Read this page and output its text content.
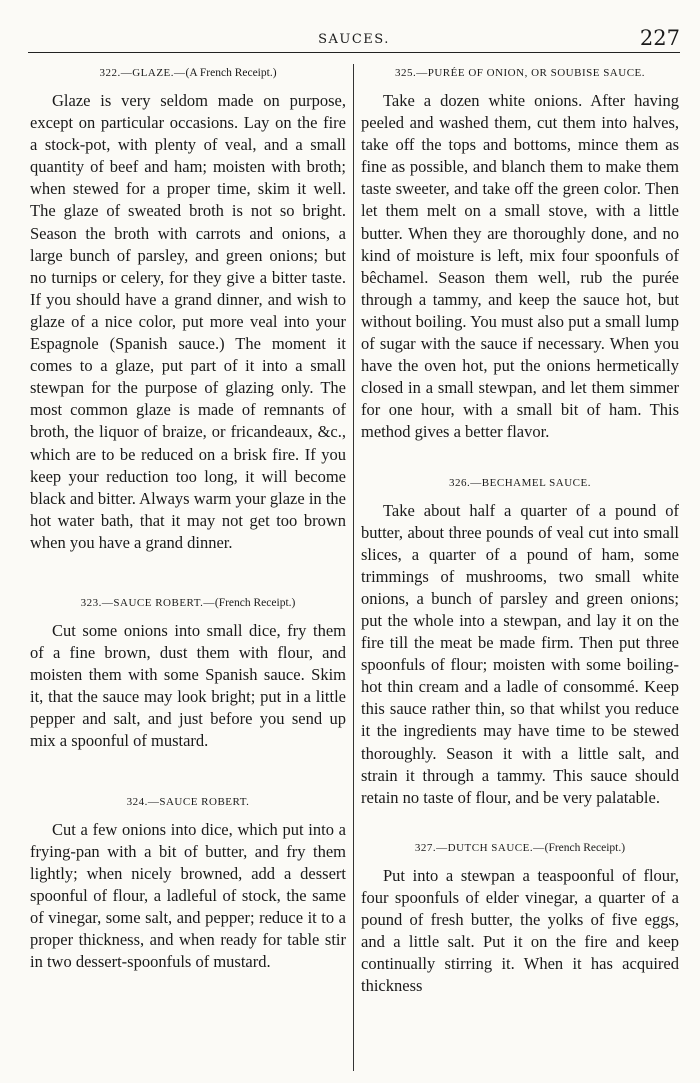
SAUCES.	227
322.—GLAZE.—(A French Receipt.)

Glaze is very seldom made on purpose, except on particular occasions. Lay on the fire a stock-pot, with plenty of veal, and a small quantity of beef and ham; moisten with broth; when stewed for a proper time, skim it well. The glaze of sweated broth is not so bright. Season the broth with carrots and onions, a large bunch of parsley, and green onions; but no turnips or celery, for they give a bitter taste. If you should have a grand dinner, and wish to glaze of a nice color, put more veal into your Espagnole (Spanish sauce.) The moment it comes to a glaze, put part of it into a small stewpan for the purpose of glazing only. The most common glaze is made of remnants of broth, the liquor of braize, or fricandeaux, &c., which are to be reduced on a brisk fire. If you keep your reduction too long, it will become black and bitter. Always warm your glaze in the hot water bath, that it may not get too brown when you have a grand dinner.

323.—SAUCE ROBERT.—(French Receipt.)

Cut some onions into small dice, fry them of a fine brown, dust them with flour, and moisten them with some Spanish sauce. Skim it, that the sauce may look bright; put in a little pepper and salt, and just before you send up mix a spoonful of mustard.

324.—SAUCE ROBERT.

Cut a few onions into dice, which put into a frying-pan with a bit of butter, and fry them lightly; when nicely browned, add a dessert spoonful of flour, a ladleful of stock, the same of vinegar, some salt, and pepper; reduce it to a proper thickness, and when ready for table stir in two dessert-spoonfuls of mustard.

325.—PURÉE OF ONION, OR SOUBISE SAUCE.

Take a dozen white onions. After having peeled and washed them, cut them into halves, take off the tops and bottoms, mince them as fine as possible, and blanch them to make them taste sweeter, and take off the green color. Then let them melt on a small stove, with a little butter. When they are thoroughly done, and no kind of moisture is left, mix four spoonfuls of bêchamel. Season them well, rub the purée through a tammy, and keep the sauce hot, but without boiling. You must also put a small lump of sugar with the sauce if necessary. When you have the oven hot, put the onions hermetically closed in a small stewpan, and let them simmer for one hour, with a small bit of ham. This method gives a better flavor.

326.—BECHAMEL SAUCE.

Take about half a quarter of a pound of butter, about three pounds of veal cut into small slices, a quarter of a pound of ham, some trimmings of mushrooms, two small white onions, a bunch of parsley and green onions; put the whole into a stewpan, and lay it on the fire till the meat be made firm. Then put three spoonfuls of flour; moisten with some boiling-hot thin cream and a ladle of consommé. Keep this sauce rather thin, so that whilst you reduce it the ingredients may have time to be stewed thoroughly. Season it with a little salt, and strain it through a tammy. This sauce should retain no taste of flour, and be very palatable.

327.—DUTCH SAUCE.—(French Receipt.)

Put into a stewpan a teaspoonful of flour, four spoonfuls of elder vinegar, a quarter of a pound of fresh butter, the yolks of five eggs, and a little salt. Put it on the fire and keep continually stirring it. When it has acquired thickness
